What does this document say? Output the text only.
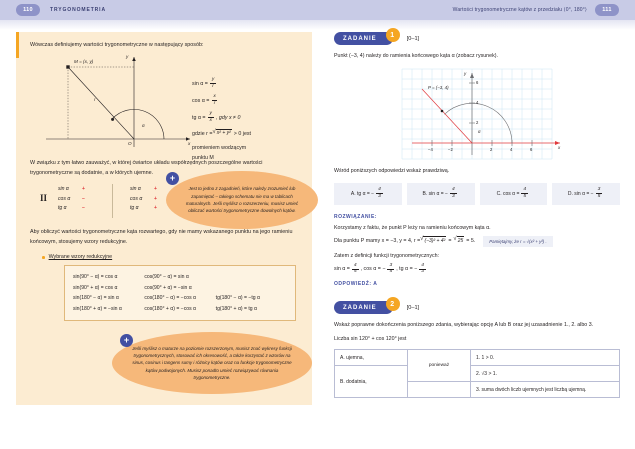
110	TRYGONOMETRIA	Wartości trygonometryczne kątów z przedziału ⟨0°, 180°⟩	111
Wówczas definiujemy wartości trygonometryczne w następujący sposób:
M = (x, y)
r
α
O	x
y
$\sin \alpha = \frac{y}{r}$
$\cos \alpha = \frac{x}{r}$
tg $\alpha = \frac{y}{x}$ , gdy x ≠ 0
gdzie r = √ x² + y² > 0 jest
promieniem wodzącym
punktu M
W związku z tym łatwo zauważyć, w której ćwiartce układu współrzędnych poszczególne wartości trygonometryczne są dodatnie, a w których ujemne.
II
sin α	+
cos α −
tg α	−
sin α	+
cos α +
tg α	+
Aby obliczyć wartości trygonometryczne kąta rozwartego, gdy nie mamy wskazanego punktu na jego ramieniu końcowym, stosujemy wzory redukcyjne.
Wybrane wzory redukcyjne
sin(90° − α) = cos α	cos(90° − α) = sin α
sin(90° + α) = cos α	cos(90° + α) = −sin α
sin(180° − α) = sin α	cos(180° − α) = −cos α	tg(180° − α) = −tg α
sin(180° + α) = −sin α	cos(180° + α) = −cos α	tg(180° + α) = tg α
Jest to jedno z zagadnień, które należy zrozumieć lub zapamiętać – takiego schematu nie ma w tablicach maturalnych. Jeśli myślisz o rozszerzeniu, musisz umieć obliczać wartości trygonometryczne dowolnych kątów.
+
Jeśli myślisz o maturze na poziomie rozszerzonym, musisz znać wykresy funkcji trygonometrycznych, stosować ich okresowość, a także korzystać z wzorów na sinus, cosinus i tangens sumy i różnicy kątów oraz na funkcje trygonometryczne kątów podwojonych. Musisz ponadto umieć rozwiązywać równania trygonometryczne.
+
ZADANIE	1	[0–1]
Punkt (−3, 4) należy do ramienia końcowego kąta α (zobacz rysunek).
P = (−3, 4)
α
x
y
−4	−2	2	4	6
2
4
6
Wśród poniższych odpowiedzi wskaż prawdziwą.
A.
tg α = − $\frac{4}{3}$	B.
sin α = − $\frac{4}{3}$	C.
$\cos \alpha = \frac{4}{5}$	D.
sin α = − $\frac{3}{5}$
ROZWIĄZANIE:
Korzystamy z faktu, że punkt P leży na ramieniu końcowym kąta α.
Dla punktu P mamy x = −3, y = 4, r = √ (−3)² + 4² = √ 25 = 5.	Pamiętajmy, że r = √(x² + y²) .
Zatem z definicji funkcji trygonometrycznych:
$\sin \alpha = \frac{4}{5}$ , cos α = − $\frac{3}{5}$ , tg α = − $\frac{4}{3}$
ODPOWIEDŹ: A
ZADANIE	2	[0–1]
Wskaż poprawne dokończenia poniższego zdania, wybierając opcję A lub B oraz jej uzasadnienie 1., 2. albo 3.
Liczba sin 120° + cos 120° jest
A. ujemna,	ponieważ	1. 1 > 0.
B. dodatnia,		2. √3 > 1.
		3. suma dwóch liczb ujemnych jest liczbą ujemną.
